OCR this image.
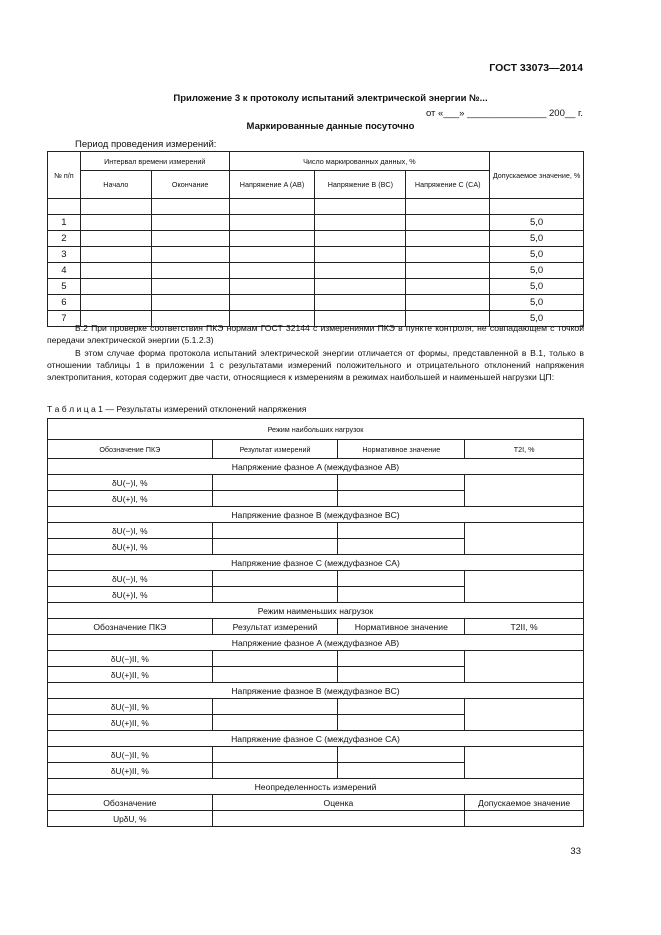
ГОСТ 33073—2014
Приложение 3 к протоколу испытаний электрической энергии №...
от «___» _______________ 200__ г.
Маркированные данные посуточно
Период проведения измерений:
№ п/п	Интервал времени измерений		Число маркированных данных, %			Допускаемое значение, %
	Начало	Окончание	Напряжение A (AB)	Напряжение B (BC)	Напряжение C (CA)	

1						5,0
2						5,0
3						5,0
4						5,0
5						5,0
6						5,0
7						5,0
В.2 При проверке соответствия ПКЭ нормам ГОСТ 32144 с измерениями ПКЭ в пункте контроля, не совпадающем с точкой передачи электрической энергии (5.1.2.3)
В этом случае форма протокола испытаний электрической энергии отличается от формы, представленной в В.1, только в отношении таблицы 1 в приложении 1 с результатами измерений положительного и отрицательного отклонений напряжения электропитания, которая содержит две части, относящиеся к измерениям в режимах наибольшей и наименьшей нагрузки ЦП:
Т а б л и ц а 1 — Результаты измерений отклонений напряжения
Режим наибольших нагрузок			
Обозначение ПКЭ	Результат измерений	Нормативное значение	T2I, %
Напряжение фазное A (междуфазное AB)			
δU(−)I, %			
δU(+)I, %			
Напряжение фазное B (междуфазное BC)			
δU(−)I, %			
δU(+)I, %			
Напряжение фазное C (междуфазное CA)			
δU(−)I, %			
δU(+)I, %			
Режим наименьших нагрузок			
Обозначение ПКЭ	Результат измерений	Нормативное значение	T2II, %
Напряжение фазное A (междуфазное AB)			
δU(−)II, %			
δU(+)II, %			
Напряжение фазное B (междуфазное BC)			
δU(−)II, %			
δU(+)II, %			
Напряжение фазное C (междуфазное CA)			
δU(−)II, %			
δU(+)II, %			
Неопределенность измерений			
Обозначение	Оценка		Допускаемое значение
UpδU, %			
33
